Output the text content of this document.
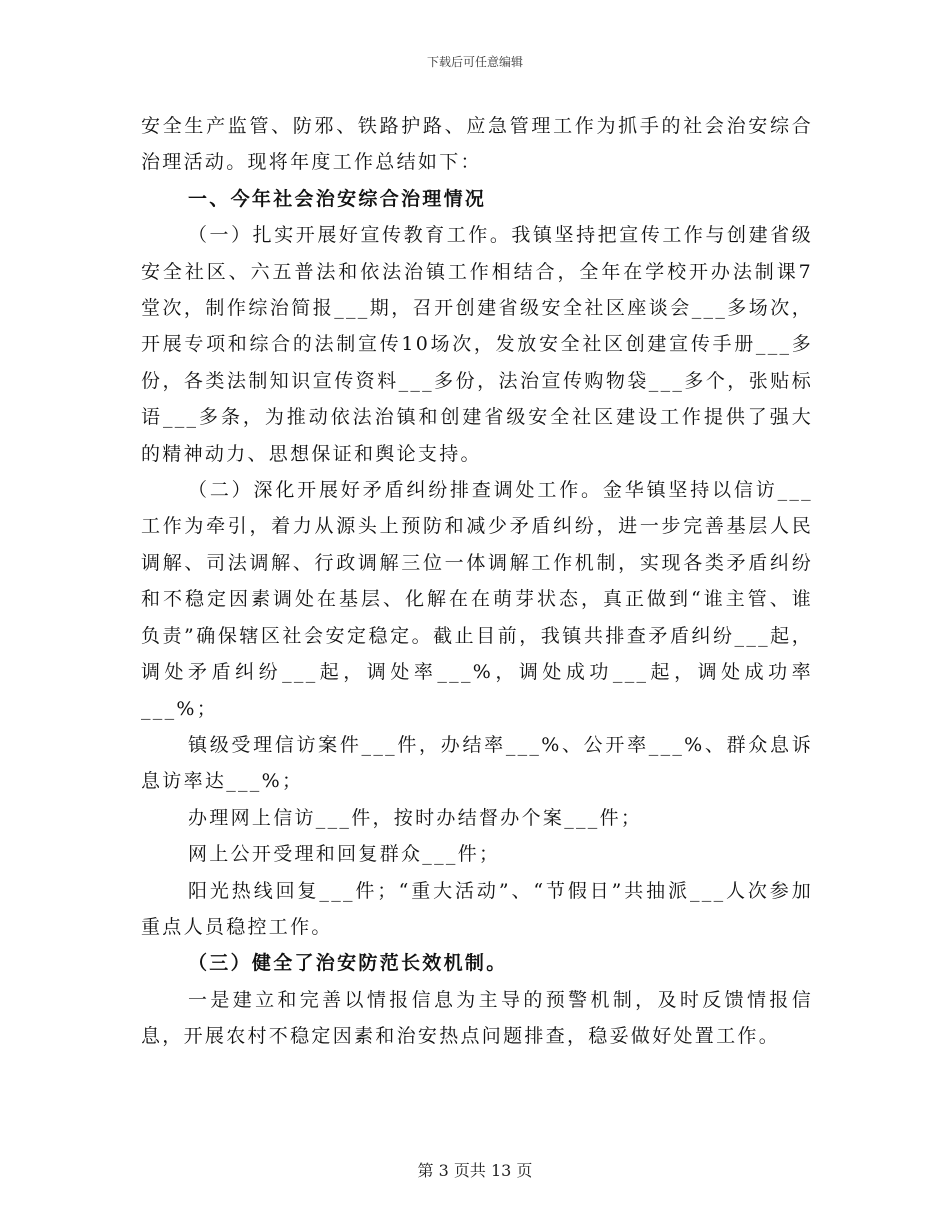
下载后可任意编辑

安全生产监管、防邪、铁路护路、应急管理工作为抓手的社会治安综合治理活动。现将年度工作总结如下：

一、今年社会治安综合治理情况

（一）扎实开展好宣传教育工作。我镇坚持把宣传工作与创建省级安全社区、六五普法和依法治镇工作相结合，全年在学校开办法制课7堂次，制作综治简报___期，召开创建省级安全社区座谈会___多场次，开展专项和综合的法制宣传10场次，发放安全社区创建宣传手册___多份，各类法制知识宣传资料___多份，法治宣传购物袋___多个，张贴标语___多条，为推动依法治镇和创建省级安全社区建设工作提供了强大的精神动力、思想保证和舆论支持。

（二）深化开展好矛盾纠纷排查调处工作。金华镇坚持以信访___工作为牵引，着力从源头上预防和减少矛盾纠纷，进一步完善基层人民调解、司法调解、行政调解三位一体调解工作机制，实现各类矛盾纠纷和不稳定因素调处在基层、化解在在萌芽状态，真正做到“谁主管、谁负责”确保辖区社会安定稳定。截止目前，我镇共排查矛盾纠纷___起，调处矛盾纠纷___起，调处率___%，调处成功___起，调处成功率___%；

镇级受理信访案件___件，办结率___%、公开率___%、群众息诉息访率达___%；

办理网上信访___件，按时办结督办个案___件；

网上公开受理和回复群众___件；

阳光热线回复___件；“重大活动”、“节假日”共抽派___人次参加重点人员稳控工作。

（三）健全了治安防范长效机制。

一是建立和完善以情报信息为主导的预警机制，及时反馈情报信息，开展农村不稳定因素和治安热点问题排查，稳妥做好处置工作。

第 3 页共 13 页
